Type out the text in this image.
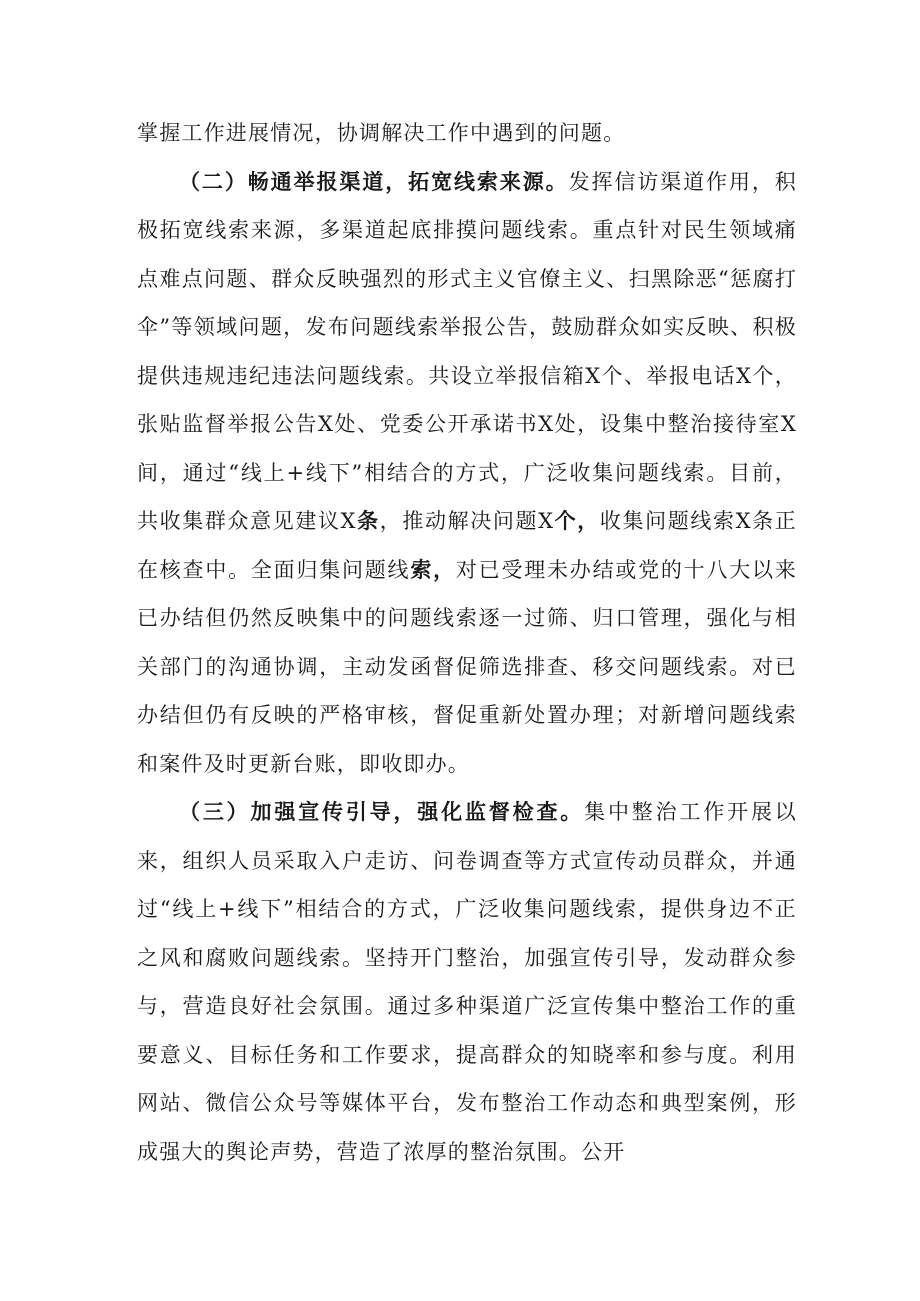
掌握工作进展情况，协调解决工作中遇到的问题。

（二）畅通举报渠道，拓宽线索来源。发挥信访渠道作用，积极拓宽线索来源，多渠道起底排摸问题线索。重点针对民生领域痛点难点问题、群众反映强烈的形式主义官僚主义、扫黑除恶“惩腐打伞”等领域问题，发布问题线索举报公告，鼓励群众如实反映、积极提供违规违纪违法问题线索。共设立举报信箱X个、举报电话X个，张贴监督举报公告X处、党委公开承诺书X处，设集中整治接待室X间，通过“线上+线下”相结合的方式，广泛收集问题线索。目前，共收集群众意见建议X条，推动解决问题X个，收集问题线索X条正在核查中。全面归集问题线索，对已受理未办结或党的十八大以来已办结但仍然反映集中的问题线索逐一过筛、归口管理，强化与相关部门的沟通协调，主动发函督促筛选排查、移交问题线索。对已办结但仍有反映的严格审核，督促重新处置办理；对新增问题线索和案件及时更新台账，即收即办。

（三）加强宣传引导，强化监督检查。集中整治工作开展以来，组织人员采取入户走访、问卷调查等方式宣传动员群众，并通过“线上+线下”相结合的方式，广泛收集问题线索，提供身边不正之风和腐败问题线索。坚持开门整治，加强宣传引导，发动群众参与，营造良好社会氛围。通过多种渠道广泛宣传集中整治工作的重要意义、目标任务和工作要求，提高群众的知晓率和参与度。利用网站、微信公众号等媒体平台，发布整治工作动态和典型案例，形成强大的舆论声势，营造了浓厚的整治氛围。公开
